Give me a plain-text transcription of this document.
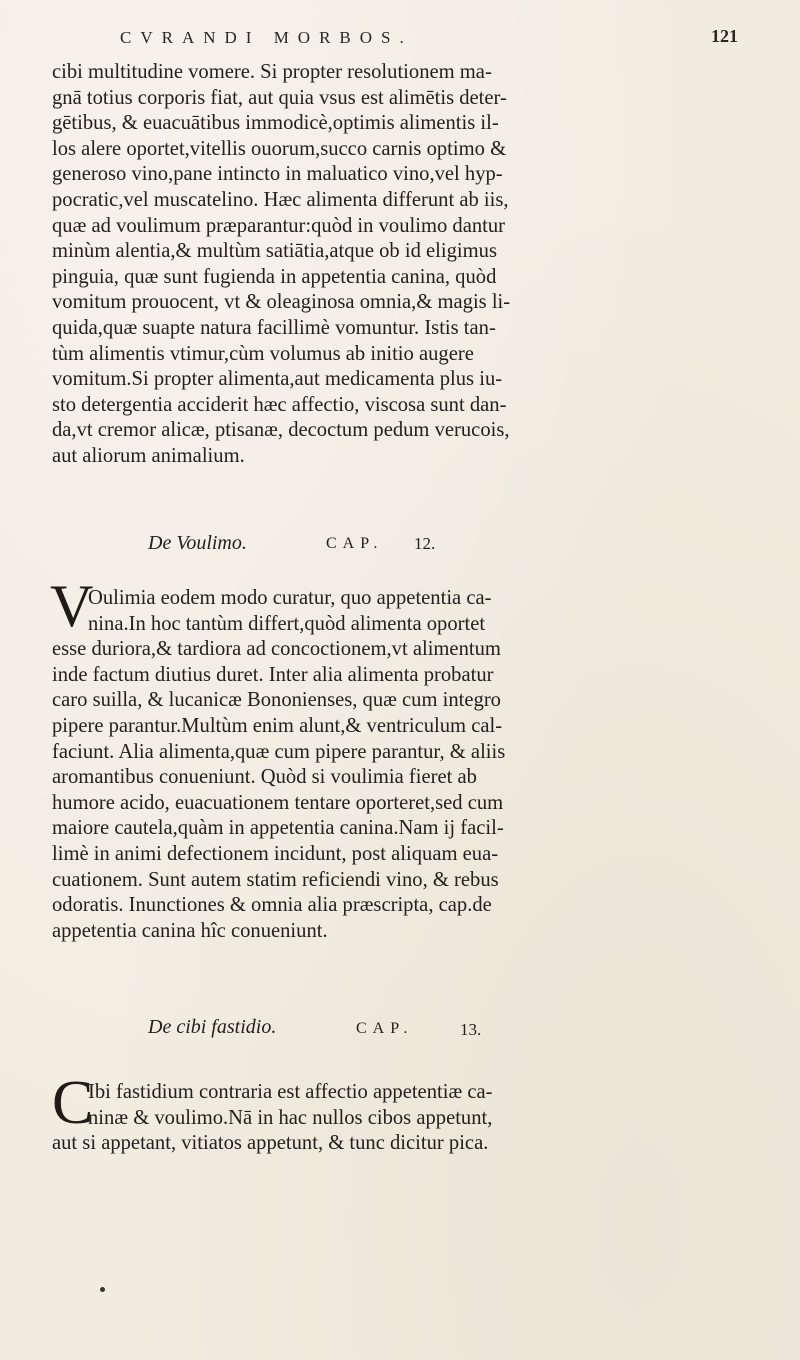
CVRANDI MORBOS.	121
cibi multitudine vomere. Si propter resolutionem ma-
gnā totius corporis fiat, aut quia vsus est alimētis deter-
gētibus, & euacuātibus immodicè,optimis alimentis il-
los alere oportet,vitellis ouorum,succo carnis optimo &
generoso vino,pane intincto in maluatico vino,vel hyp-
pocratic,vel muscatelino. Hæc alimenta differunt ab iis,
quæ ad voulimum præparantur:quòd in voulimo dantur
minùm alentia,& multùm satiātia,atque ob id eligimus
pinguia, quæ sunt fugienda in appetentia canina, quòd
vomitum prouocent, vt & oleaginosa omnia,& magis li-
quida,quæ suapte natura facillimè vomuntur. Istis tan-
tùm alimentis vtimur,cùm volumus ab initio augere
vomitum.Si propter alimenta,aut medicamenta plus iu-
sto detergentia acciderit hæc affectio, viscosa sunt dan-
da,vt cremor alicæ, ptisanæ, decoctum pedum verucois,
aut aliorum animalium.
De Voulimo.	CAP. 12.
V
Oulimia eodem modo curatur, quo appetentia ca-
nina.In hoc tantùm differt,quòd alimenta oportet
esse duriora,& tardiora ad concoctionem,vt alimentum
inde factum diutius duret. Inter alia alimenta probatur
caro suilla, & lucanicæ Bononienses, quæ cum integro
pipere parantur.Multùm enim alunt,& ventriculum cal-
faciunt. Alia alimenta,quæ cum pipere parantur, & aliis
aromantibus conueniunt. Quòd si voulimia fieret ab
humore acido, euacuationem tentare oporteret,sed cum
maiore cautela,quàm in appetentia canina.Nam ij facil-
limè in animi defectionem incidunt, post aliquam eua-
cuationem. Sunt autem statim reficiendi vino, & rebus
odoratis. Inunctiones & omnia alia præscripta, cap.de
appetentia canina hîc conueniunt.
De cibi fastidio.	CAP.	13.
C
Ibi fastidium contraria est affectio appetentiæ ca-
ninæ & voulimo.Nā in hac nullos cibos appetunt,
aut si appetant, vitiatos appetunt, & tunc dicitur pica.
